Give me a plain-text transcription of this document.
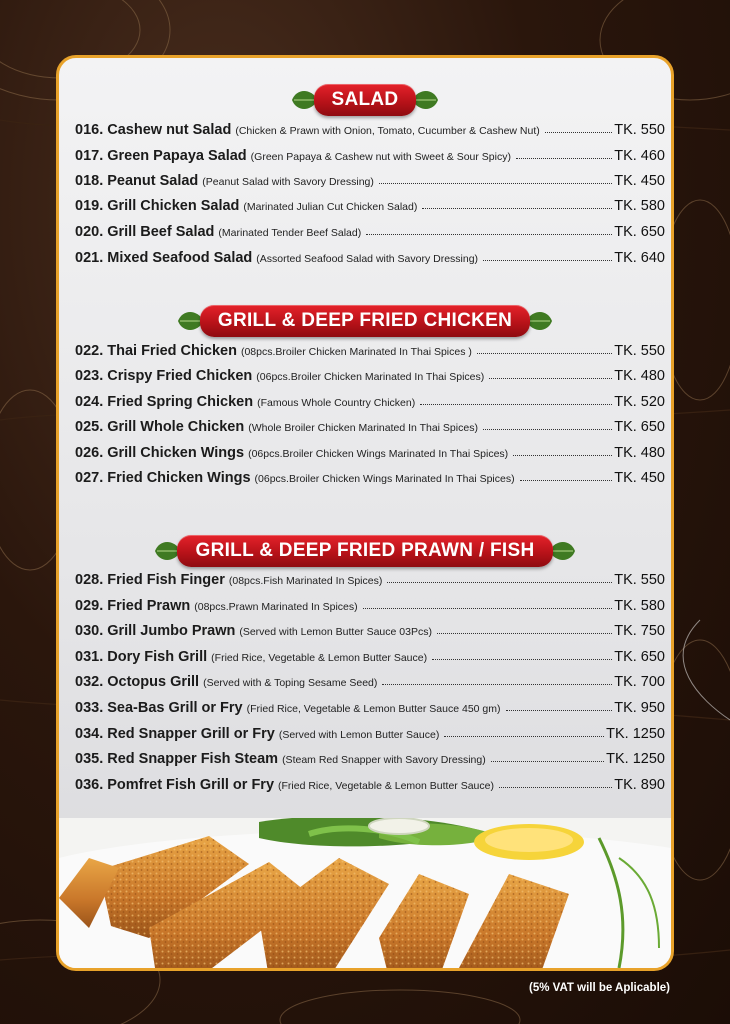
SALAD
016. Cashew nut Salad (Chicken & Prawn with Onion, Tomato, Cucumber & Cashew Nut)	TK. 550
017. Green Papaya Salad (Green Papaya & Cashew nut with Sweet & Sour Spicy)	TK. 460
018. Peanut Salad (Peanut Salad with Savory Dressing)	TK. 450
019. Grill Chicken Salad (Marinated Julian Cut Chicken Salad)	TK. 580
020. Grill Beef Salad (Marinated Tender Beef Salad)	TK. 650
021. Mixed Seafood Salad (Assorted Seafood Salad with Savory Dressing)	TK. 640
GRILL & DEEP FRIED CHICKEN
022. Thai Fried Chicken (08pcs.Broiler Chicken Marinated In Thai Spices )	TK. 550
023. Crispy Fried Chicken (06pcs.Broiler Chicken Marinated In Thai Spices)	TK. 480
024. Fried Spring Chicken (Famous Whole Country Chicken)	TK. 520
025. Grill Whole Chicken (Whole Broiler Chicken Marinated In Thai Spices)	TK. 650
026. Grill Chicken Wings (06pcs.Broiler Chicken Wings Marinated In Thai Spices)	TK. 480
027. Fried Chicken Wings (06pcs.Broiler Chicken Wings Marinated In Thai Spices)	TK. 450
GRILL & DEEP FRIED PRAWN / FISH
028. Fried Fish Finger (08pcs.Fish Marinated In Spices)	TK. 550
029. Fried Prawn (08pcs.Prawn Marinated In Spices)	TK. 580
030. Grill Jumbo Prawn (Served with Lemon Butter Sauce 03Pcs)	TK. 750
031. Dory Fish Grill (Fried Rice, Vegetable & Lemon Butter Sauce)	TK. 650
032. Octopus Grill (Served with & Toping Sesame Seed)	TK. 700
033. Sea-Bas Grill or Fry (Fried Rice, Vegetable & Lemon Butter Sauce 450 gm)	TK. 950
034. Red Snapper Grill or Fry (Served with Lemon Butter Sauce)	TK. 1250
035. Red Snapper Fish Steam (Steam Red Snapper with Savory Dressing)	TK. 1250
036. Pomfret Fish Grill or Fry (Fried Rice, Vegetable & Lemon Butter Sauce)	TK. 890
(5% VAT will be Aplicable)
